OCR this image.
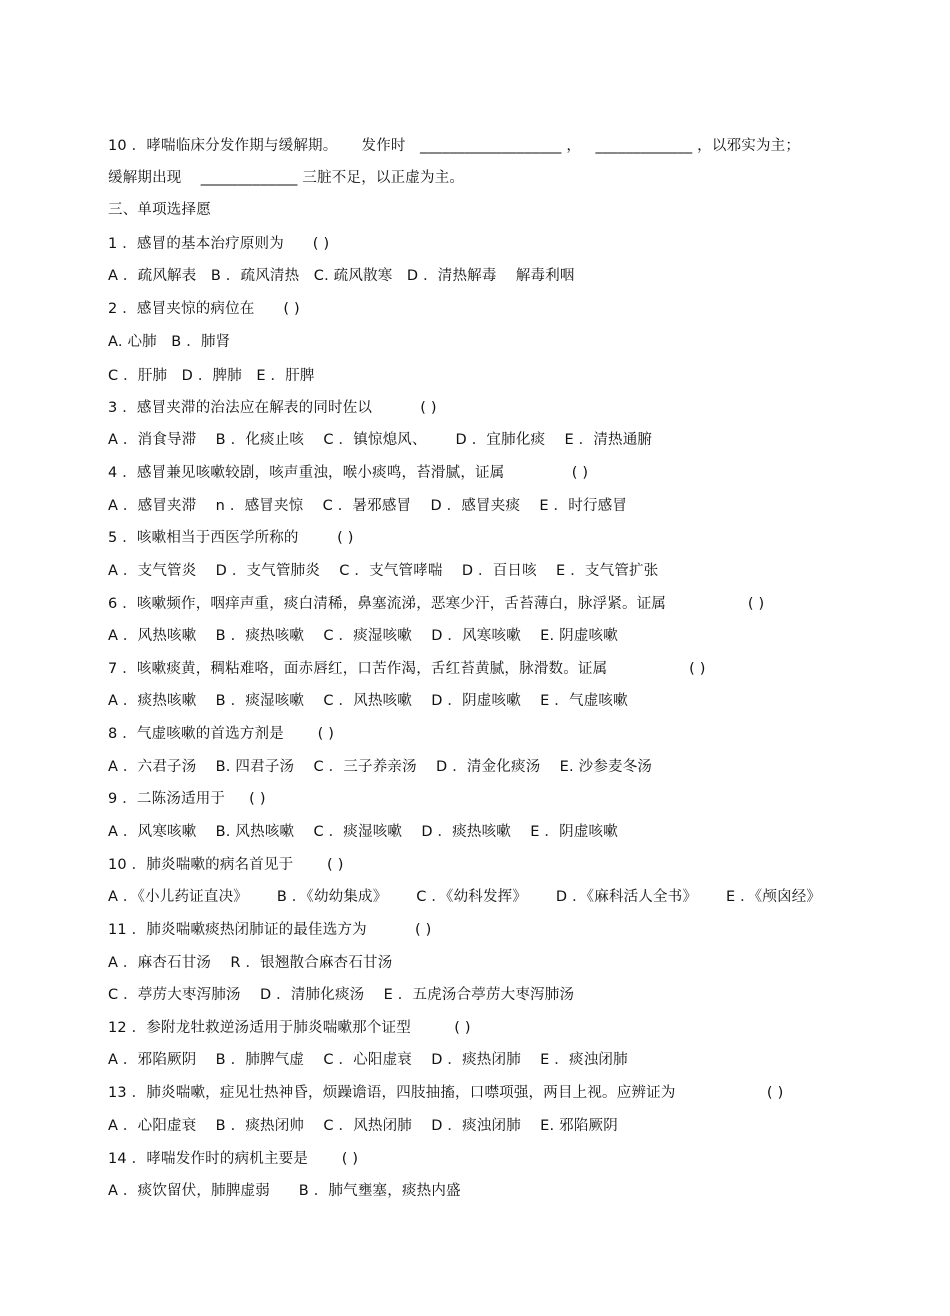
10 ．哮喘临床分发作期与缓解期。     发作时   ___________________ ，   _____________ ，以邪实为主；
缓解期出现    _____________ 三脏不足，以正虚为主。
三、单项选择愿
1 ．感冒的基本治疗原则为      ( )
A ．疏风解表   B ．疏风清热   C. 疏风散寒   D ．清热解毒    解毒利咽
2 ．感冒夹惊的病位在      ( )
A. 心肺   B ．肺肾
C ．肝肺   D ．脾肺   E ．肝脾
3 ．感冒夹滞的治法应在解表的同时佐以          ( )
A ．消食导滞    B ．化痰止咳    C ．镇惊熄风、      D ．宜肺化痰    E ．清热通腑
4 ．感冒兼见咳嗽较剧，咳声重浊，喉小痰鸣，苔滑腻，证属              ( )
A ．感冒夹滞    n ．感冒夹惊    C ．暑邪感冒    D ．感冒夹痰    E ．时行感冒
5 ．咳嗽相当于西医学所称的        ( )
A ．支气管炎    D ．支气管肺炎    C ．支气管哮喘    D ．百日咳    E ．支气管扩张
6 ．咳嗽频作，咽痒声重，痰白清稀，鼻塞流涕，恶寒少汗，舌苔薄白，脉浮紧。证属                 ( )
A ．风热咳嗽    B ．痰热咳嗽    C ．痰湿咳嗽    D ．风寒咳嗽    E. 阴虚咳嗽
7 ．咳嗽痰黄，稠粘难咯，面赤唇红，口苦作渴，舌红苔黄腻，脉滑数。证属                 ( )
A ．痰热咳嗽    B ．痰湿咳嗽    C ．风热咳嗽    D ．阴虚咳嗽    E ．气虚咳嗽
8 ．气虚咳嗽的首选方剂是       ( )
A ．六君子汤    B. 四君子汤    C ．三子养亲汤    D ．清金化痰汤    E. 沙参麦冬汤
9 ．二陈汤适用于     ( )
A ．风寒咳嗽    B. 风热咳嗽    C ．痰湿咳嗽    D ．痰热咳嗽    E ．阴虚咳嗽
10 ．肺炎喘嗽的病名首见于       ( )
A ．《小儿药证直决》      B ．《幼幼集成》      C ．《幼科发挥》      D ．《麻科活人全书》      E ．《颅囟经》
11 ．肺炎喘嗽痰热闭肺证的最佳选方为          ( )
A ．麻杏石甘汤    R ．银翘散合麻杏石甘汤
C ．葶苈大枣泻肺汤    D ．清肺化痰汤    E ．五虎汤合葶苈大枣泻肺汤
12 ．参附龙牡救逆汤适用于肺炎喘嗽那个证型         ( )
A ．邪陷厥阴    B ．肺脾气虚    C ．心阳虚衰    D ．痰热闭肺    E ．痰浊闭肺
13 ．肺炎喘嗽，症见壮热神昏，烦躁谵语，四肢抽搐，口噤项强，两目上视。应辨证为                   ( )
A ．心阳虚衰    B ．痰热闭帅    C ．风热闭肺    D ．痰浊闭肺    E. 邪陷厥阴
14 ．哮喘发作时的病机主要是       ( )
A ．痰饮留伏，肺脾虚弱      B ．肺气壅塞，痰热内盛
